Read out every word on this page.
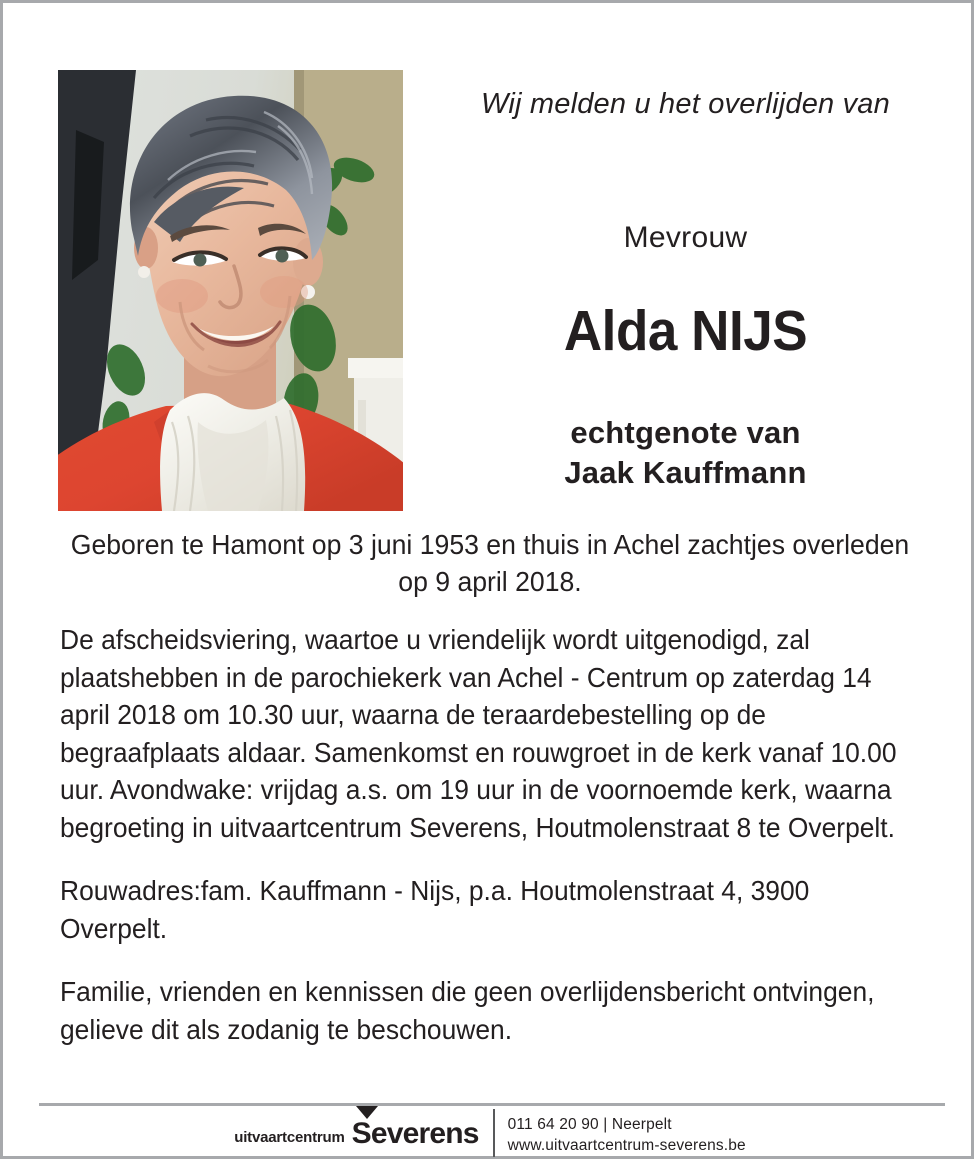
Wij melden u het overlijden van
Mevrouw
Alda NIJS
echtgenote van
Jaak Kauffmann
Geboren te Hamont op 3 juni 1953 en thuis in Achel zachtjes overleden op 9 april 2018.

De afscheidsviering, waartoe u vriendelijk wordt uitgenodigd, zal plaatshebben in de parochiekerk van Achel - Centrum op zaterdag 14 april 2018 om 10.30 uur, waarna de teraardebestelling op de begraafplaats aldaar. Samenkomst en rouwgroet in de kerk vanaf 10.00 uur. Avondwake: vrijdag a.s. om 19 uur in de voornoemde kerk, waarna begroeting in uitvaartcentrum Severens, Houtmolenstraat 8 te Overpelt.

Rouwadres:fam. Kauffmann - Nijs, p.a. Houtmolenstraat 4, 3900 Overpelt.

Familie, vrienden en kennissen die geen overlijdensbericht ontvingen, gelieve dit als zodanig te beschouwen.

uitvaartcentrum Severens 011 64 20 90 | Neerpelt
www.uitvaartcentrum-severens.be
